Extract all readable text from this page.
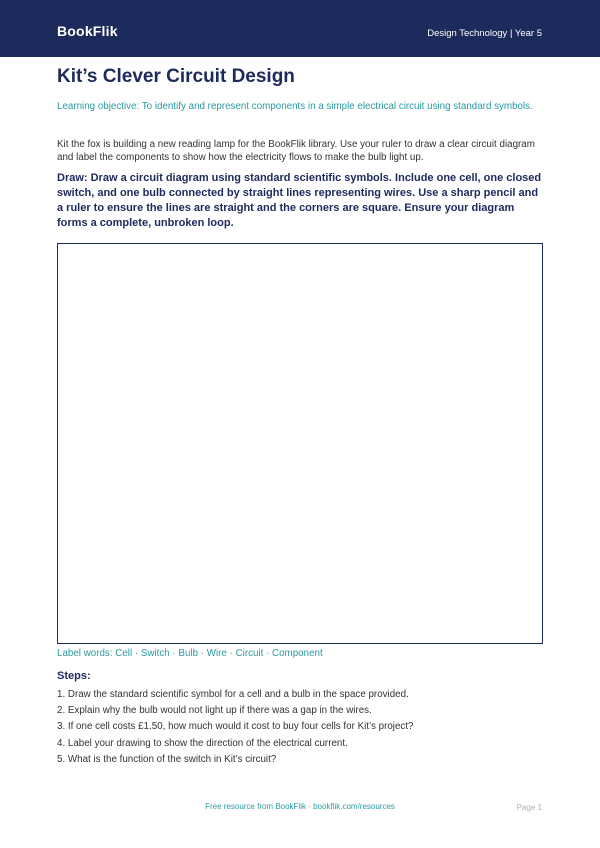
BookFlik	Design Technology | Year 5
Kit’s Clever Circuit Design

Learning objective: To identify and represent components in a simple electrical circuit using standard symbols.

Kit the fox is building a new reading lamp for the BookFlik library. Use your ruler to draw a clear circuit diagram and label the components to show how the electricity flows to make the bulb light up.

Draw: Draw a circuit diagram using standard scientific symbols. Include one cell, one closed switch, and one bulb connected by straight lines representing wires. Use a sharp pencil and a ruler to ensure the lines are straight and the corners are square. Ensure your diagram forms a complete, unbroken loop.

Label words: Cell · Switch · Bulb · Wire · Circuit · Component

Steps:

1. Draw the standard scientific symbol for a cell and a bulb in the space provided.
2. Explain why the bulb would not light up if there was a gap in the wires.
3. If one cell costs £1.50, how much would it cost to buy four cells for Kit’s project?
4. Label your drawing to show the direction of the electrical current.
5. What is the function of the switch in Kit’s circuit?
Free resource from BookFlik · bookflik.com/resources	Page 1
